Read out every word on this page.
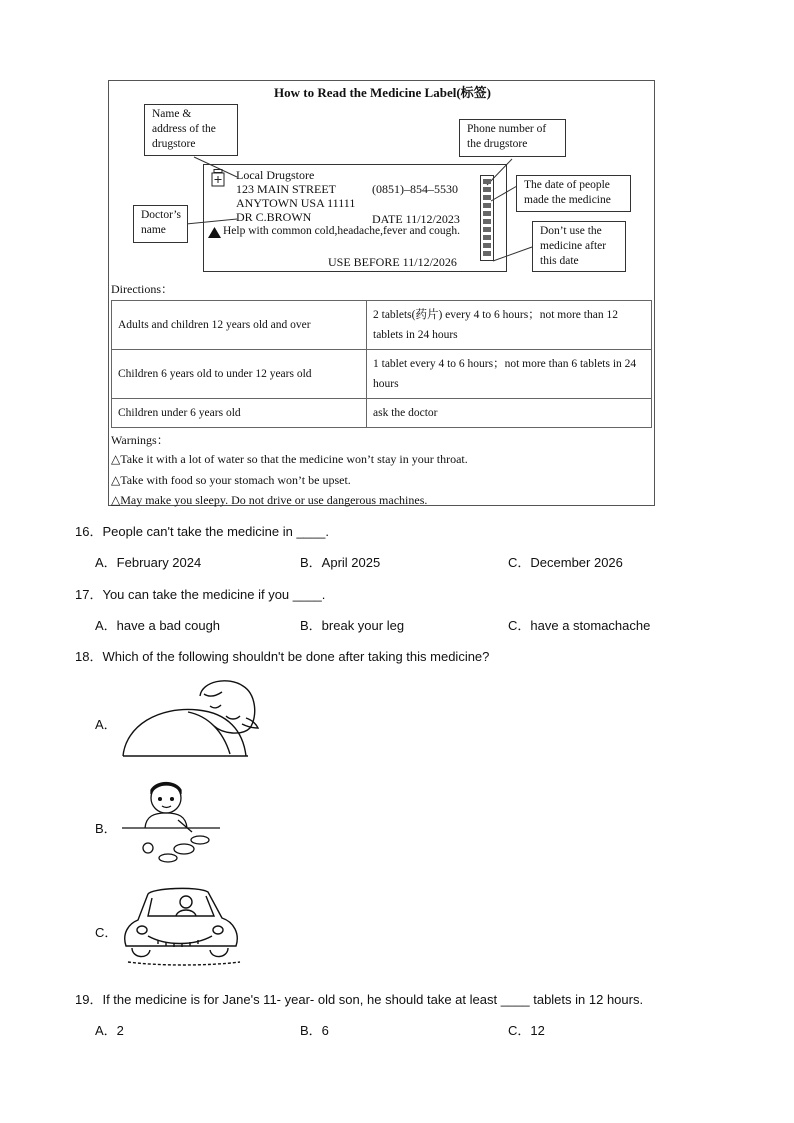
How to Read the Medicine Label(标签)
Name &
address of the
drugstore
Phone number of
the drugstore
The date of people
made the medicine
Doctor’s
name	Don’t use the
medicine after
this date
Local Drugstore
123 MAIN STREET
ANYTOWN USA 11111
(0851)–854–5530
DR C.BROWN	DATE 11/12/2023
Help with common cold,headache,fever and cough.
USE BEFORE 11/12/2026
Directions：
Adults and children 12 years old and over	2 tablets(药片) every 4 to 6 hours；not more than 12 tablets in 24 hours
Children 6 years old to under 12 years old	1 tablet every 4 to 6 hours；not more than 6 tablets in 24 hours
Children under 6 years old	ask the doctor
Warnings：
△Take it with a lot of water so that the medicine won’t stay in your throat.
△Take with food so your stomach won’t be upset.
△May make you sleepy. Do not drive or use dangerous machines.
16．People can't take the medicine in ____.
A．February 2024	B．April 2025	C．December 2026
17．You can take the medicine if you ____.
A．have a bad cough	B．break your leg	C．have a stomachache
18．Which of the following shouldn't be done after taking this medicine?
A．
B．
C．
19．If the medicine is for Jane's 11- year- old son, he should take at least ____ tablets in 12 hours.
A．2	B．6	C．12
